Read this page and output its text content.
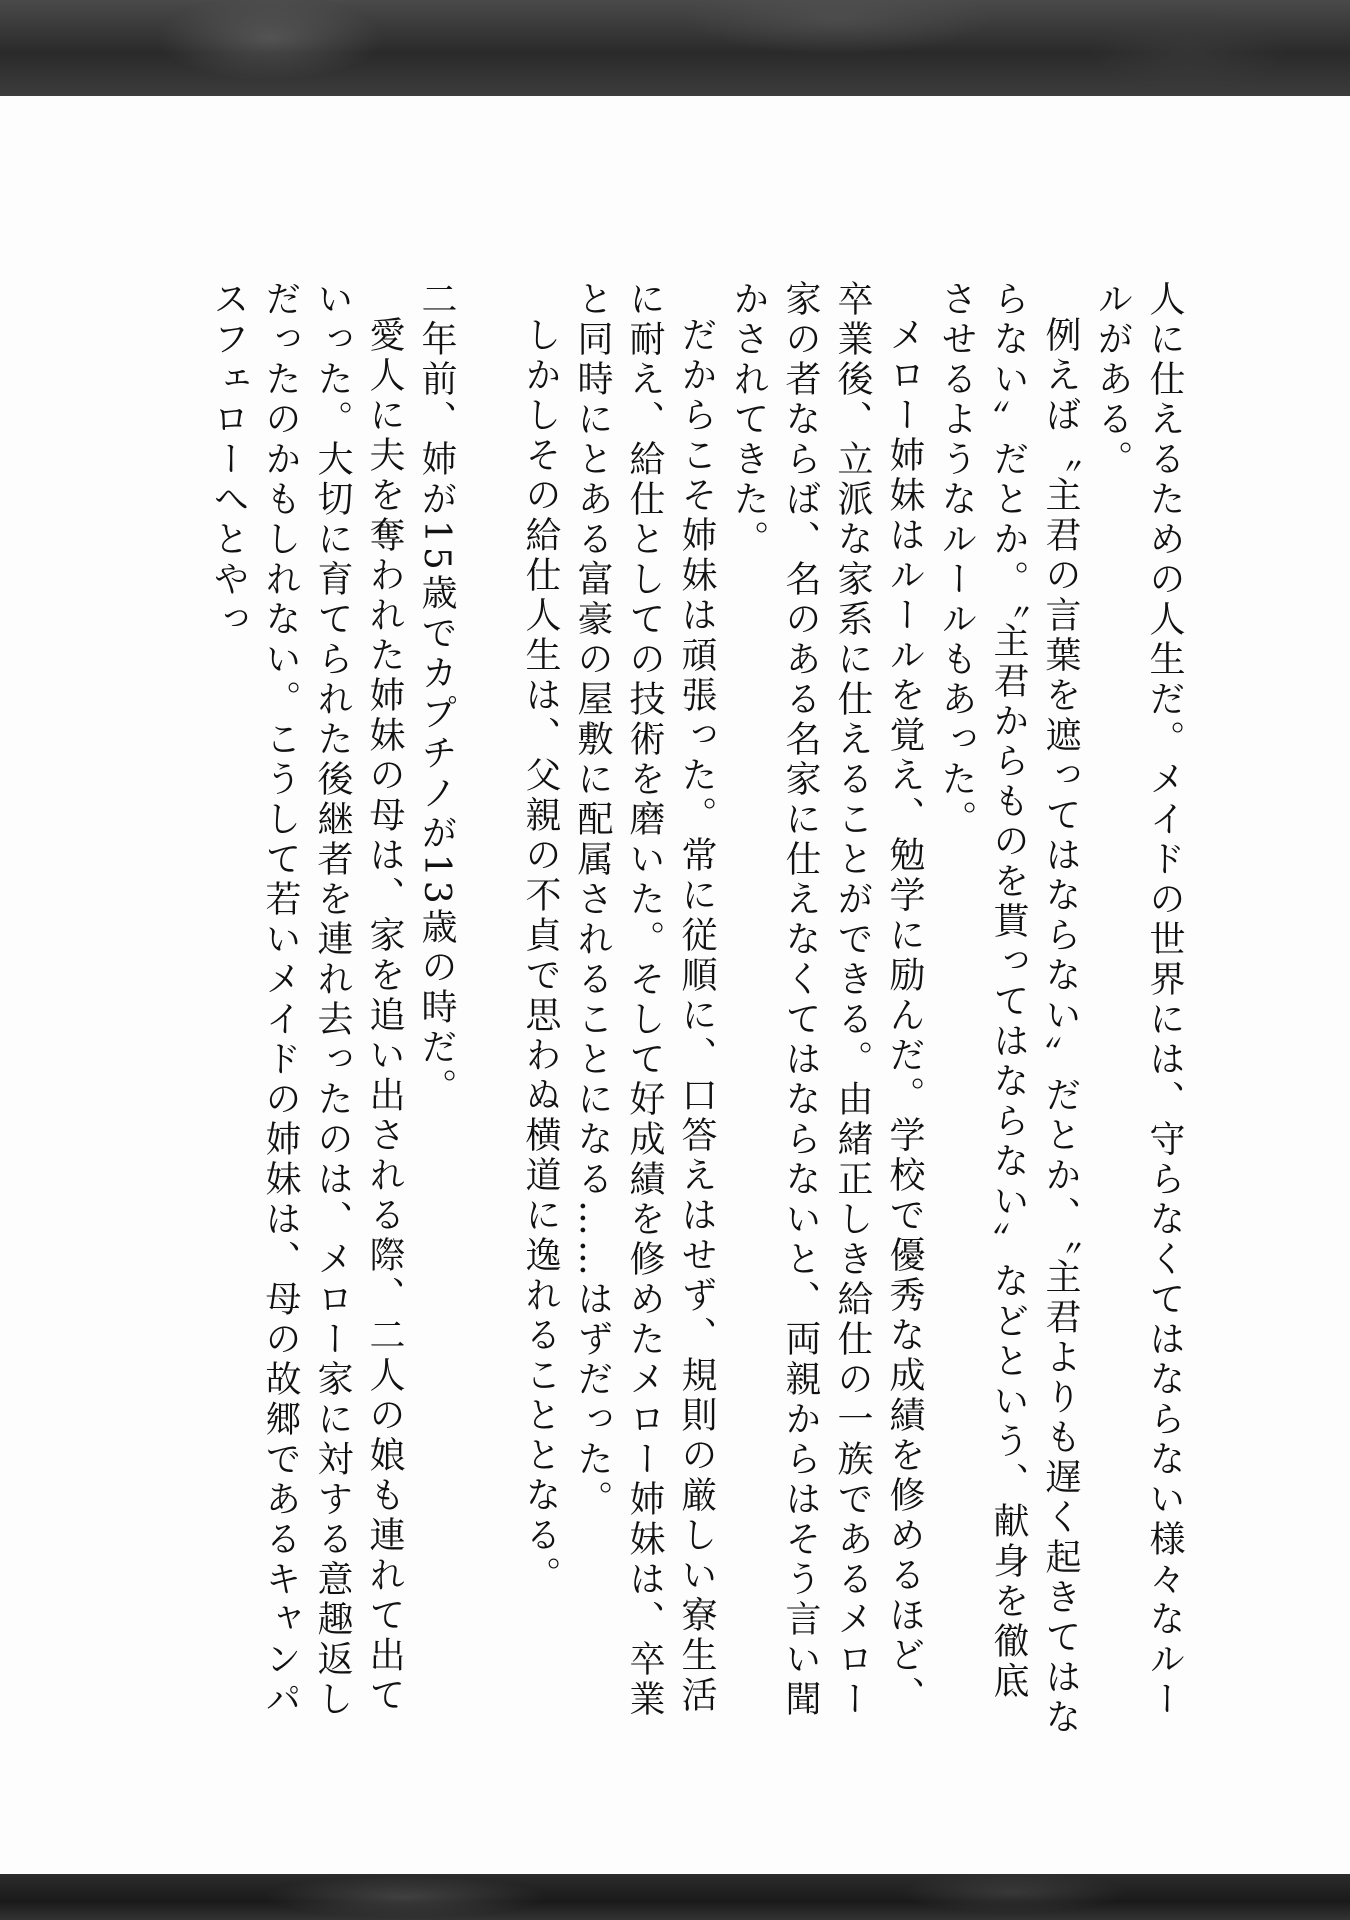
人に仕えるための人生だ。メイドの世界には、守らなくてはならない様々なルールがある。

例えば〝主君の言葉を遮ってはならない〟だとか、〝主君よりも遅く起きてはならない〟だとか。〝主君からものを貰ってはならない〟などという、献身を徹底させるようなルールもあった。

メロー姉妹はルールを覚え、勉学に励んだ。学校で優秀な成績を修めるほど、卒業後、立派な家系に仕えることができる。由緒正しき給仕の一族であるメロー家の者ならば、名のある名家に仕えなくてはならないと、両親からはそう言い聞かされてきた。

だからこそ姉妹は頑張った。常に従順に、口答えはせず、規則の厳しい寮生活に耐え、給仕としての技術を磨いた。そして好成績を修めたメロー姉妹は、卒業と同時にとある富豪の屋敷に配属されることになる……はずだった。

しかしその給仕人生は、父親の不貞で思わぬ横道に逸れることとなる。

二年前、姉が15歳でカプチノが13歳の時だ。

愛人に夫を奪われた姉妹の母は、家を追い出される際、二人の娘も連れて出ていった。大切に育てられた後継者を連れ去ったのは、メロー家に対する意趣返しだったのかもしれない。こうして若いメイドの姉妹は、母の故郷であるキャンパスフェローへとやっ
